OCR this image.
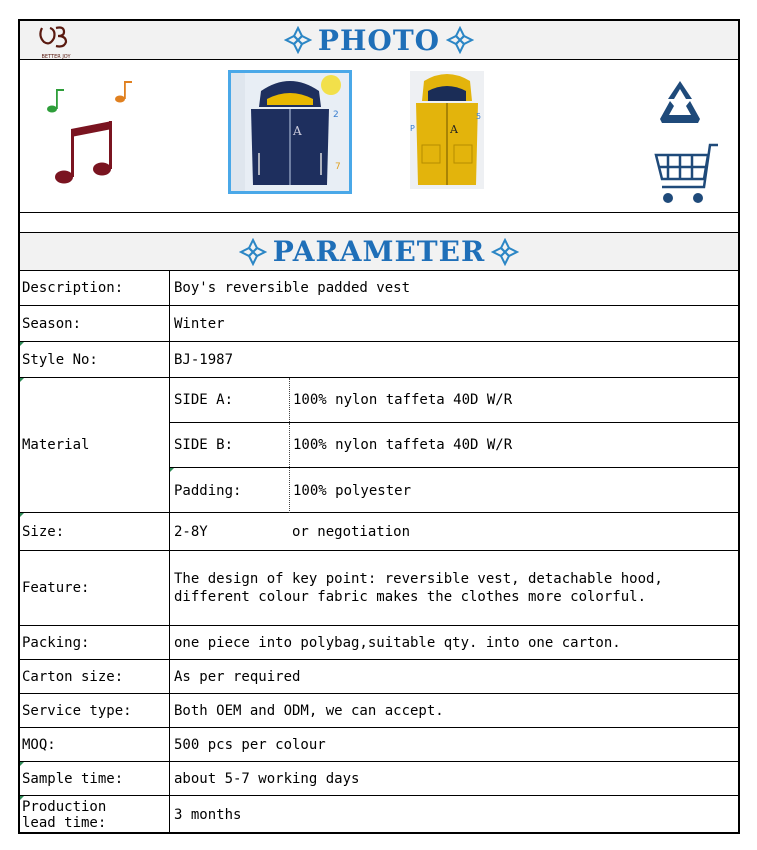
PHOTO
BETTER JOY
A
2
7
A
P
5
PARAMETER
Description:	Boy's reversible padded vest
Season:	Winter
Style No:	BJ-1987
Material
SIDE A:	100% nylon taffeta 40D W/R
SIDE B:	100% nylon taffeta 40D W/R
Padding:	100% polyester
Size:	2-8Y          or negotiation
Feature:
The design of key point: reversible vest, detachable hood,
different colour fabric makes the clothes more colorful.
Packing:	one piece into polybag,suitable qty. into one carton.
Carton size:	As per required
Service type:	Both OEM and ODM, we can accept.
MOQ:	500 pcs per colour
Sample time:	about 5-7 working days
Production
lead time:	3 months
